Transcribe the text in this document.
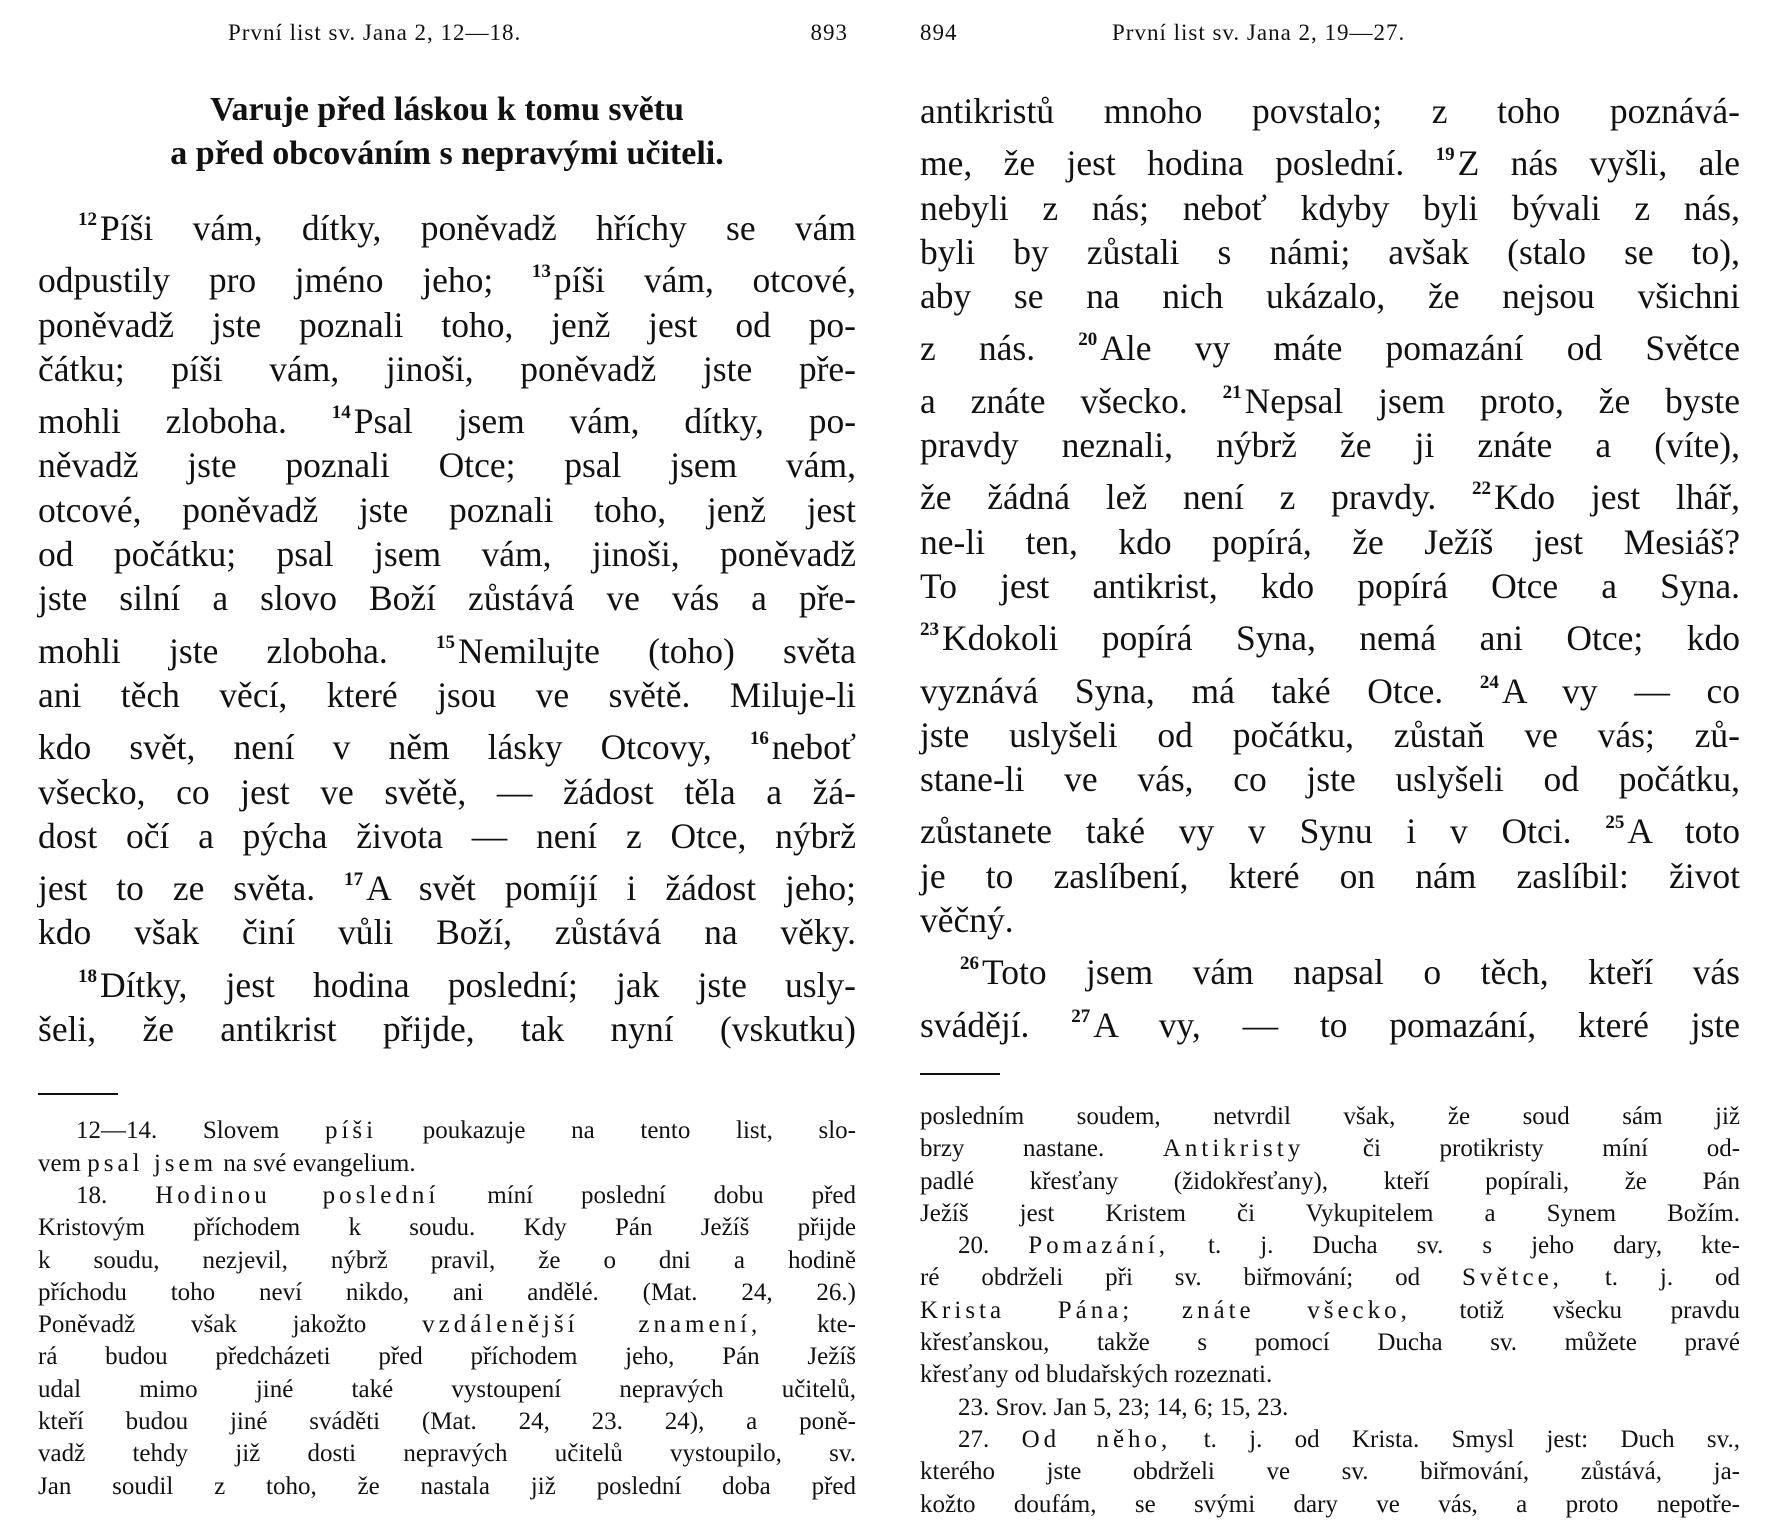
První list sv. Jana 2, 12—18.	893
Varuje před láskou k tomu světu
a před obcováním s nepravými učiteli.
$^{12}$Píši vám, dítky, poněvadž hříchy se vám
odpustily pro jméno jeho; $^{13}$píši vám, otcové,
poněvadž jste poznali toho, jenž jest od po-
čátku; píši vám, jinoši, poněvadž jste pře-
mohli zloboha. $^{14}$Psal jsem vám, dítky, po-
něvadž jste poznali Otce; psal jsem vám,
otcové, poněvadž jste poznali toho, jenž jest
od počátku; psal jsem vám, jinoši, poněvadž
jste silní a slovo Boží zůstává ve vás a pře-
mohli jste zloboha.	$^{15}$Nemilujte (toho) světa
ani těch věcí, které jsou ve světě. Miluje-li
kdo svět, není v něm lásky Otcovy, $^{16}$neboť
všecko, co jest ve světě, — žádost těla a žá-
dost očí a pýcha života — není z Otce, nýbrž
jest to ze světa. $^{17}$A svět pomíjí i žádost jeho;
kdo však činí vůli Boží, zůstává na věky.
$^{18}$Dítky, jest hodina poslední; jak jste usly-
šeli, že antikrist přijde, tak nyní (vskutku)
12—14. Slovem píši poukazuje na tento list, slo-
vem psal jsem na své evangelium.
18. Hodinou poslední míní poslední dobu před
Kristovým příchodem k soudu. Kdy Pán Ježíš přijde
k soudu, nezjevil, nýbrž pravil, že o dni a hodině
příchodu toho neví nikdo, ani andělé. (Mat. 24, 26.)
Poněvadž však jakožto vzdálenější znamení, kte-
rá budou předcházeti před příchodem jeho, Pán Ježíš
udal mimo jiné také vystoupení nepravých učitelů,
kteří budou jiné sváděti (Mat. 24, 23. 24), a poně-
vadž tehdy již dosti nepravých učitelů vystoupilo, sv.
Jan soudil z toho, že nastala již poslední doba před
894	První list sv. Jana 2, 19—27.
antikristů mnoho povstalo; z toho poznává-
me, že jest hodina poslední. $^{19}$Z nás vyšli, ale
nebyli z nás; neboť kdyby byli bývali z nás,
byli by zůstali s námi; avšak (stalo se to),
aby se na nich ukázalo, že nejsou všichni
z nás. $^{20}$Ale vy máte pomazání od Světce
a znáte všecko. $^{21}$Nepsal jsem proto, že byste
pravdy neznali, nýbrž že ji znáte a (víte),
že žádná lež není z pravdy. $^{22}$Kdo jest lhář,
ne-li ten, kdo popírá, že Ježíš jest Mesiáš?
To jest antikrist, kdo popírá Otce a Syna.
$^{23}$Kdokoli popírá Syna, nemá ani Otce; kdo
vyznává Syna, má také Otce. $^{24}$A vy — co
jste uslyšeli od počátku, zůstaň ve vás; zů-
stane-li ve vás, co jste uslyšeli od počátku,
zůstanete také vy v Synu i v Otci. $^{25}$A toto
je to zaslíbení, které on nám zaslíbil: život
věčný.
$^{26}$Toto jsem vám napsal o těch, kteří vás
svádějí. $^{27}$A vy, — to pomazání, které jste
posledním soudem, netvrdil však, že soud sám již
brzy nastane. Antikristy či protikristy míní od-
padlé křesťany (židokřesťany), kteří popírali, že Pán
Ježíš jest Kristem či Vykupitelem a Synem Božím.
20. Pomazání, t. j. Ducha sv. s jeho dary, kte-
ré obdrželi při sv. biřmování; od Světce, t. j. od
Krista Pána; znáte všecko, totiž všecku pravdu
křesťanskou, takže s pomocí Ducha sv. můžete pravé
křesťany od bludařských rozeznati.
23. Srov. Jan 5, 23; 14, 6; 15, 23.
27. Od něho, t. j. od Krista. Smysl jest: Duch sv.,
kterého jste obdrželi ve sv. biřmování, zůstává, ja-
kožto doufám, se svými dary ve vás, a proto nepotře-
